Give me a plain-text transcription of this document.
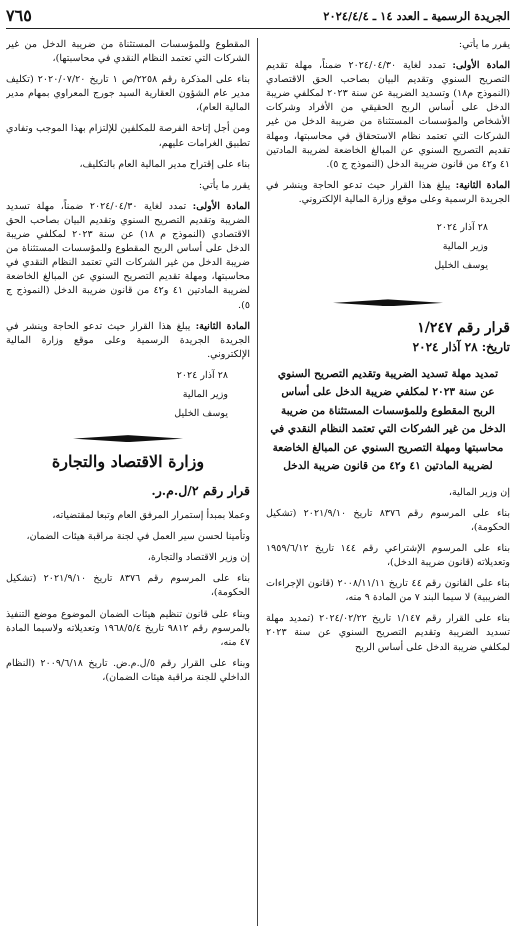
الجريدة الرسمية ـ العدد ١٤ ـ ٢٠٢٤/٤/٤
٧٦٥

يقرر ما يأتي:

المادة الأولى: تمدد لغاية ٢٠٢٤/٠٤/٣٠ ضمناً، مهلة تقديم التصريح السنوي وتقديم البيان بصاحب الحق الاقتصادي (النموذج م١٨) وتسديد الضريبة عن سنة ٢٠٢٣ لمكلفي ضريبة الدخل على أساس الربح الحقيقي من الأفراد وشركات الأشخاص والمؤسسات المستثناة من ضريبة الدخل من غير الشركات التي تعتمد نظام الاستحقاق في محاسبتها، ومهلة تقديم التصريح السنوي عن المبالغ الخاضعة لضريبة المادتين ٤١ و٤٢ من قانون ضريبة الدخل (النموذج ج ٥).

المادة الثانية: يبلغ هذا القرار حيث تدعو الحاجة وينشر في الجريدة الرسمية وعلى موقع وزارة المالية الإلكتروني.

٢٨ آذار ٢٠٢٤

وزير المالية

يوسف الخليل

قرار رقم ١/٢٤٧

تاريخ: ٢٨ آذار ٢٠٢٤

تمديد مهلة تسديد الضريبة وتقديم التصريح السنوي عن سنة ٢٠٢٣ لمكلفي ضريبة الدخل على أساس الربح المقطوع وللمؤسسات المستثناة من ضريبة الدخل من غير الشركات التي تعتمد النظام النقدي في محاسبتها ومهلة التصريح السنوي عن المبالغ الخاضعة لضريبة المادتين ٤١ و٤٢ من قانون ضريبة الدخل

إن وزير المالية،

بناء على المرسوم رقم ٨٣٧٦ تاريخ ٢٠٢١/٩/١٠ (تشكيل الحكومة)،

بناء على المرسوم الإشتراعي رقم ١٤٤ تاريخ ١٩٥٩/٦/١٢ وتعديلاته (قانون ضريبة الدخل)،

بناء على القانون رقم ٤٤ تاريخ ٢٠٠٨/١١/١١ (قانون الإجراءات الضريبية) لا سيما البند ٧ من المادة ٩ منه،

بناء على القرار رقم ١/١٤٧ تاريخ ٢٠٢٤/٠٢/٢٢ (تمديد مهلة تسديد الضريبة وتقديم التصريح السنوي عن سنة ٢٠٢٣ لمكلفي ضريبة الدخل على أساس الربح

المقطوع وللمؤسسات المستثناة من ضريبة الدخل من غير الشركات التي تعتمد النظام النقدي في محاسبتها)،

بناء على المذكرة رقم ٢٢٥٨/ص ١ تاريخ ٢٠٢٠/٠٧/٢٠ (تكليف مدير عام الشؤون العقارية السيد جورج المعراوي بمهام مدير المالية العام)،

ومن أجل إتاحة الفرصة للمكلفين للإلتزام بهذا الموجب وتفادي تطبيق الغرامات عليهم،

بناء على إقتراح مدير المالية العام بالتكليف،

يقرر ما يأتي:

المادة الأولى: تمدد لغاية ٢٠٢٤/٠٤/٣٠ ضمناً، مهلة تسديد الضريبة وتقديم التصريح السنوي وتقديم البيان بصاحب الحق الاقتصادي (النموذج م ١٨) عن سنة ٢٠٢٣ لمكلفي ضريبة الدخل على أساس الربح المقطوع وللمؤسسات المستثناة من ضريبة الدخل من غير الشركات التي تعتمد النظام النقدي في محاسبتها، ومهلة تقديم التصريح السنوي عن المبالغ الخاضعة لضريبة المادتين ٤١ و٤٢ من قانون ضريبة الدخل (النموذج ج ٥).

المادة الثانية: يبلغ هذا القرار حيث تدعو الحاجة وينشر في الجريدة الجريدة الرسمية وعلى موقع وزارة المالية الإلكتروني.

٢٨ آذار ٢٠٢٤

وزير المالية

يوسف الخليل

وزارة الاقتصاد والتجارة

قرار رقم ٢/ل.م.ر.

وعملا بمبدأ إستمرار المرفق العام وتبعا لمقتضياته،

وتأمينا لحسن سير العمل في لجنة مراقبة هيئات الضمان،

إن وزير الاقتصاد والتجارة،

بناء على المرسوم رقم ٨٣٧٦ تاريخ ٢٠٢١/٩/١٠ (تشكيل الحكومة)،

وبناء على قانون تنظيم هيئات الضمان الموضوع موضع التنفيذ بالمرسوم رقم ٩٨١٢ تاريخ ١٩٦٨/٥/٤ وتعديلاته ولاسيما المادة ٤٧ منه،

وبناء على القرار رقم ٥/ل.م.ض. تاريخ ٢٠٠٩/٦/١٨ (النظام الداخلي للجنة مراقبة هيئات الضمان)،
